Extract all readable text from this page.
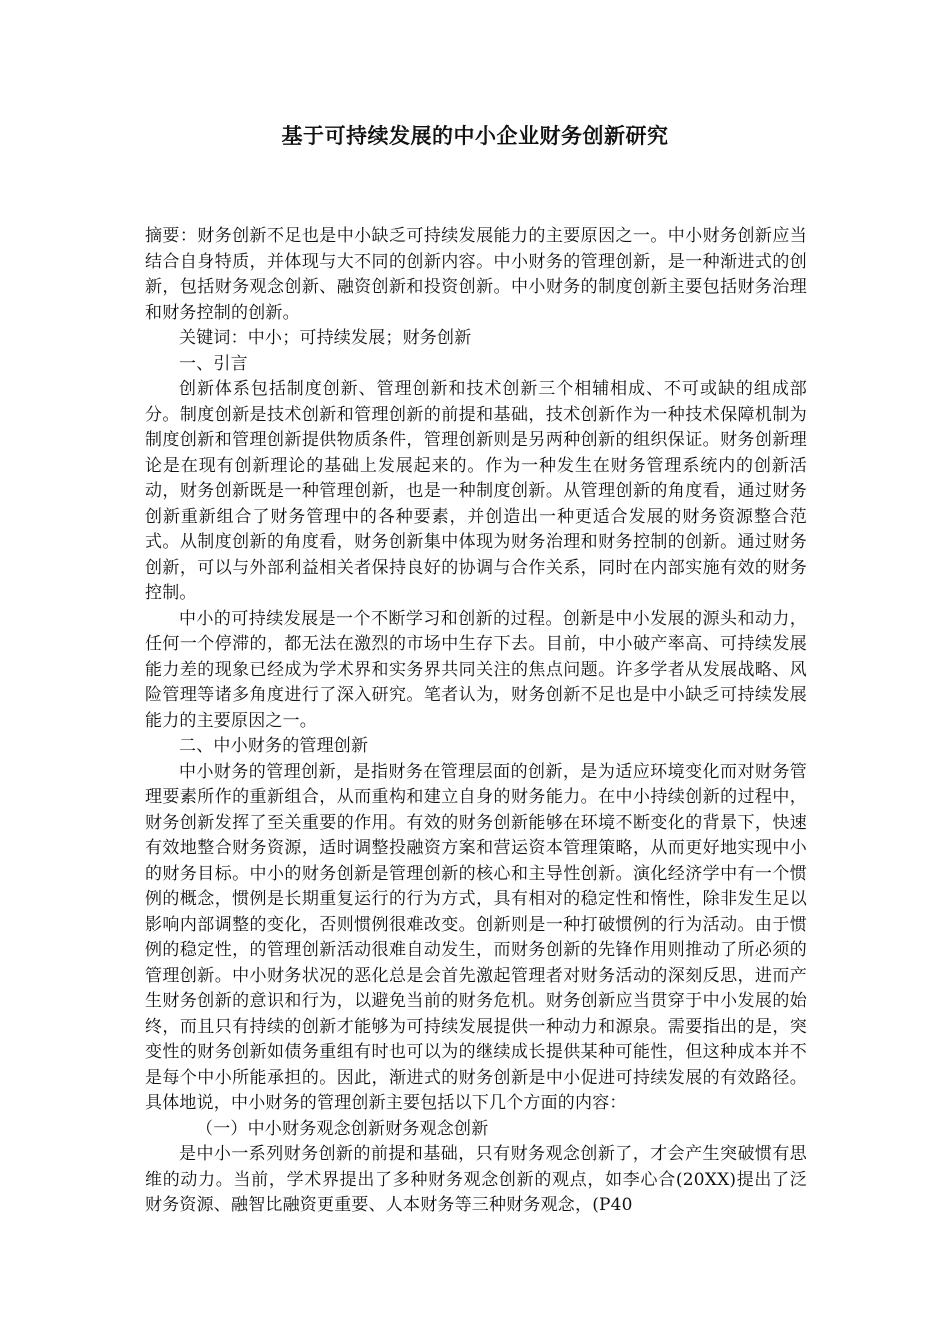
基于可持续发展的中小企业财务创新研究

摘要：财务创新不足也是中小缺乏可持续发展能力的主要原因之一。中小财务创新应当结合自身特质，并体现与大不同的创新内容。中小财务的管理创新，是一种渐进式的创新，包括财务观念创新、融资创新和投资创新。中小财务的制度创新主要包括财务治理和财务控制的创新。

关键词：中小；可持续发展；财务创新

一、引言

创新体系包括制度创新、管理创新和技术创新三个相辅相成、不可或缺的组成部分。制度创新是技术创新和管理创新的前提和基础，技术创新作为一种技术保障机制为制度创新和管理创新提供物质条件，管理创新则是另两种创新的组织保证。财务创新理论是在现有创新理论的基础上发展起来的。作为一种发生在财务管理系统内的创新活动，财务创新既是一种管理创新，也是一种制度创新。从管理创新的角度看，通过财务创新重新组合了财务管理中的各种要素，并创造出一种更适合发展的财务资源整合范式。从制度创新的角度看，财务创新集中体现为财务治理和财务控制的创新。通过财务创新，可以与外部利益相关者保持良好的协调与合作关系，同时在内部实施有效的财务控制。

中小的可持续发展是一个不断学习和创新的过程。创新是中小发展的源头和动力，任何一个停滞的，都无法在激烈的市场中生存下去。目前，中小破产率高、可持续发展能力差的现象已经成为学术界和实务界共同关注的焦点问题。许多学者从发展战略、风险管理等诸多角度进行了深入研究。笔者认为，财务创新不足也是中小缺乏可持续发展能力的主要原因之一。

二、中小财务的管理创新

中小财务的管理创新，是指财务在管理层面的创新，是为适应环境变化而对财务管理要素所作的重新组合，从而重构和建立自身的财务能力。在中小持续创新的过程中，财务创新发挥了至关重要的作用。有效的财务创新能够在环境不断变化的背景下，快速有效地整合财务资源，适时调整投融资方案和营运资本管理策略，从而更好地实现中小的财务目标。中小的财务创新是管理创新的核心和主导性创新。演化经济学中有一个惯例的概念，惯例是长期重复运行的行为方式，具有相对的稳定性和惰性，除非发生足以影响内部调整的变化，否则惯例很难改变。创新则是一种打破惯例的行为活动。由于惯例的稳定性，的管理创新活动很难自动发生，而财务创新的先锋作用则推动了所必须的管理创新。中小财务状况的恶化总是会首先激起管理者对财务活动的深刻反思，进而产生财务创新的意识和行为，以避免当前的财务危机。财务创新应当贯穿于中小发展的始终，而且只有持续的创新才能够为可持续发展提供一种动力和源泉。需要指出的是，突变性的财务创新如债务重组有时也可以为的继续成长提供某种可能性，但这种成本并不是每个中小所能承担的。因此，渐进式的财务创新是中小促进可持续发展的有效路径。具体地说，中小财务的管理创新主要包括以下几个方面的内容：

（一）中小财务观念创新财务观念创新

是中小一系列财务创新的前提和基础，只有财务观念创新了，才会产生突破惯有思维的动力。当前，学术界提出了多种财务观念创新的观点，如李心合(20XX)提出了泛财务资源、融智比融资更重要、人本财务等三种财务观念，(P40
